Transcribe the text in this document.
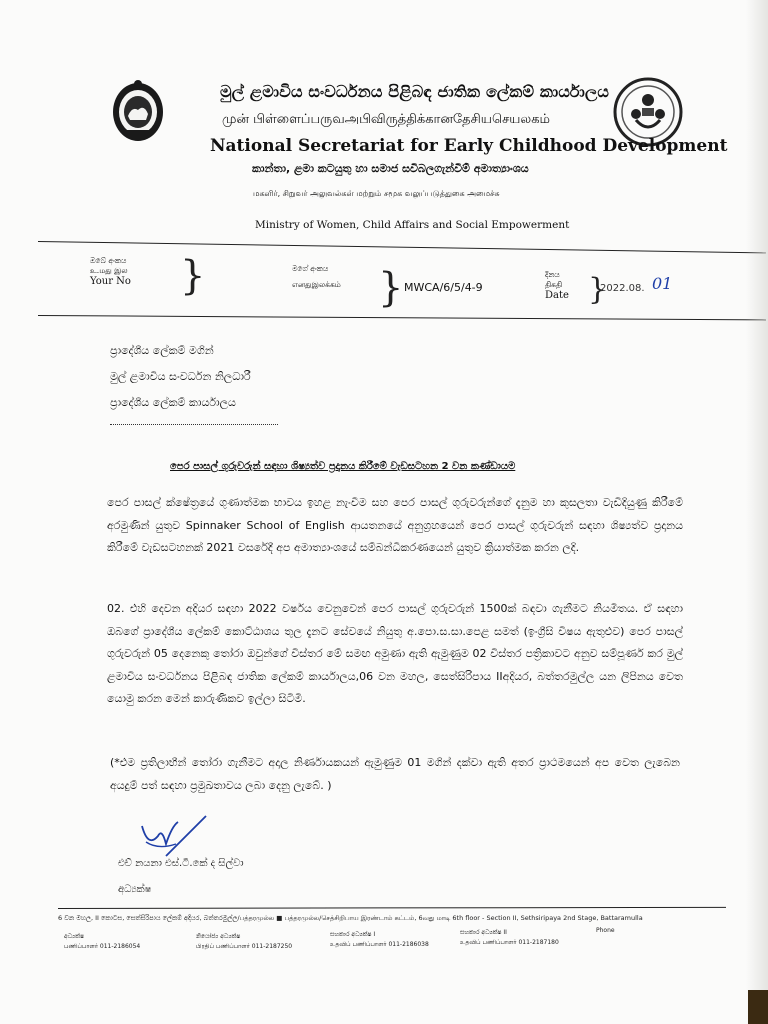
මුල් ළමාවිය සංවර්ධනය පිළිබඳ ජාතික ලේකම් කාර්යාලය
முன் பிள்ளைப்பருவஅபிவிருத்திக்கானதேசியசெயலகம்
National Secretariat for Early Childhood Development
කාන්තා, ළමා කටයුතු හා සමාජ සවිබලගැන්වීම් අමාත්‍යාංශය
மகளிர், சிறுவர் அலுவல்கள் மற்றும் சமூக வலுப்படுத்துகை அமைச்சு
Ministry of Women, Child Affairs and Social Empowerment
ඔබේ අංකය
உ.மது இல
Your No }	මගේ අංකය
எனதுஇலக்கம் } MWCA/6/5/4-9
දිනය
திகதி
Date }
2022.08. 01
ප්‍රාදේශීය ලේකම් මගින්
මුල් ළමාවිය සංවර්ධන නිලධාරී
ප්‍රාදේශීය ලේකම් කාර්යාලය
පෙර පාසල් ගුරුවරුන් සඳහා ශිෂ්‍යත්ව ප්‍රදානය කිරීමේ වැඩසටහන 2 වන කණ්ඩායම
පෙර පාසල් ක්ෂේත්‍රයේ ගුණාත්මක භාවය ඉහළ නැංවීම සහ පෙර පාසල් ගුරුවරුන්ගේ දැනුම හා කුසලතා වැඩිදියුණු කිරීමේ අරමුණින් යුතුව Spinnaker School of English ආයතනයේ අනුග්‍රහයෙන් පෙර පාසල් ගුරුවරුන් සඳහා ශිෂ්‍යත්ව ප්‍රදානය කිරීමේ වැඩසටහනක් 2021 වසරේදී අප අමාත්‍යාංශයේ සම්බන්ධීකරණයෙන් යුතුව ක්‍රියාත්මක කරන ලදි.
02. එහි දෙවන අදියර සඳහා 2022 වර්ෂය වෙනුවෙන් පෙර පාසල් ගුරුවරුන් 1500ක් බඳවා ගැනීමට නියමිතය. ඒ සඳහා ඔබගේ ප්‍රාදේශීය ලේකම් කොට්ඨාශය තුල දැනට සේවයේ නියුතු අ.පො.ස.සා.පෙළ සමත් (ඉංග්‍රීසි විෂය ඇතුළුව) පෙර පාසල් ගුරුවරුන් 05 දෙනෙකු තෝරා ඔවුන්ගේ විස්තර මේ සමඟ අමුණා ඇති ඇමුණුම 02 විස්තර පත්‍රිකාවට අනුව සම්පූර්ණ කර මුල් ළමාවිය සංවර්ධනය පිළිබඳ ජාතික ලේකම් කාර්යාලය,06 වන මහල, සෙත්සිරිපාය IIඅදියර, බත්තරමුල්ල යන ලිපිනය වෙත යොමු කරන මෙන් කාරුණිකව ඉල්ලා සිටිමි.
(*එම ප්‍රතිලාභීන් තෝරා ගැනීමට අදාල නිර්ණායකයන් ඇමුණුම 01 මගින් දක්වා ඇති අතර ප්‍රාථමයෙන් අප වෙත ලැබෙන අයදුම් පත් සඳහා ප්‍රමුඛතාවය ලබා දෙනු ලැබේ. )
එච් නයනා එස්.ටී.කේ ද සිල්වා
අධ්‍යක්ෂ
6 වන මහල, II කොටස, සෙත්සිරිපාය ලේකම් අදියර, බත්තරමුල්ල/பத்தரமுல்ல ■ பத்தரமுல்ல/செத்சிறிபாய இரண்டாம் கட்டம், 6வது மாடி 6th floor - Section II, Sethsiripaya 2nd Stage, Battaramulla
අධ්‍යක්ෂ
பணிப்பாளர் 011-2186054
නියෝජ්‍ය අධ්‍යක්ෂ
பிரதிப் பணிப்பாளர் 011-2187250
සහකාර අධ්‍යක්ෂ I
உதவிப் பணிப்பாளர் 011-2186038
සහකාර අධ්‍යක්ෂ II
உதவிப் பணிப்பாளர் 011-2187180
Phone
